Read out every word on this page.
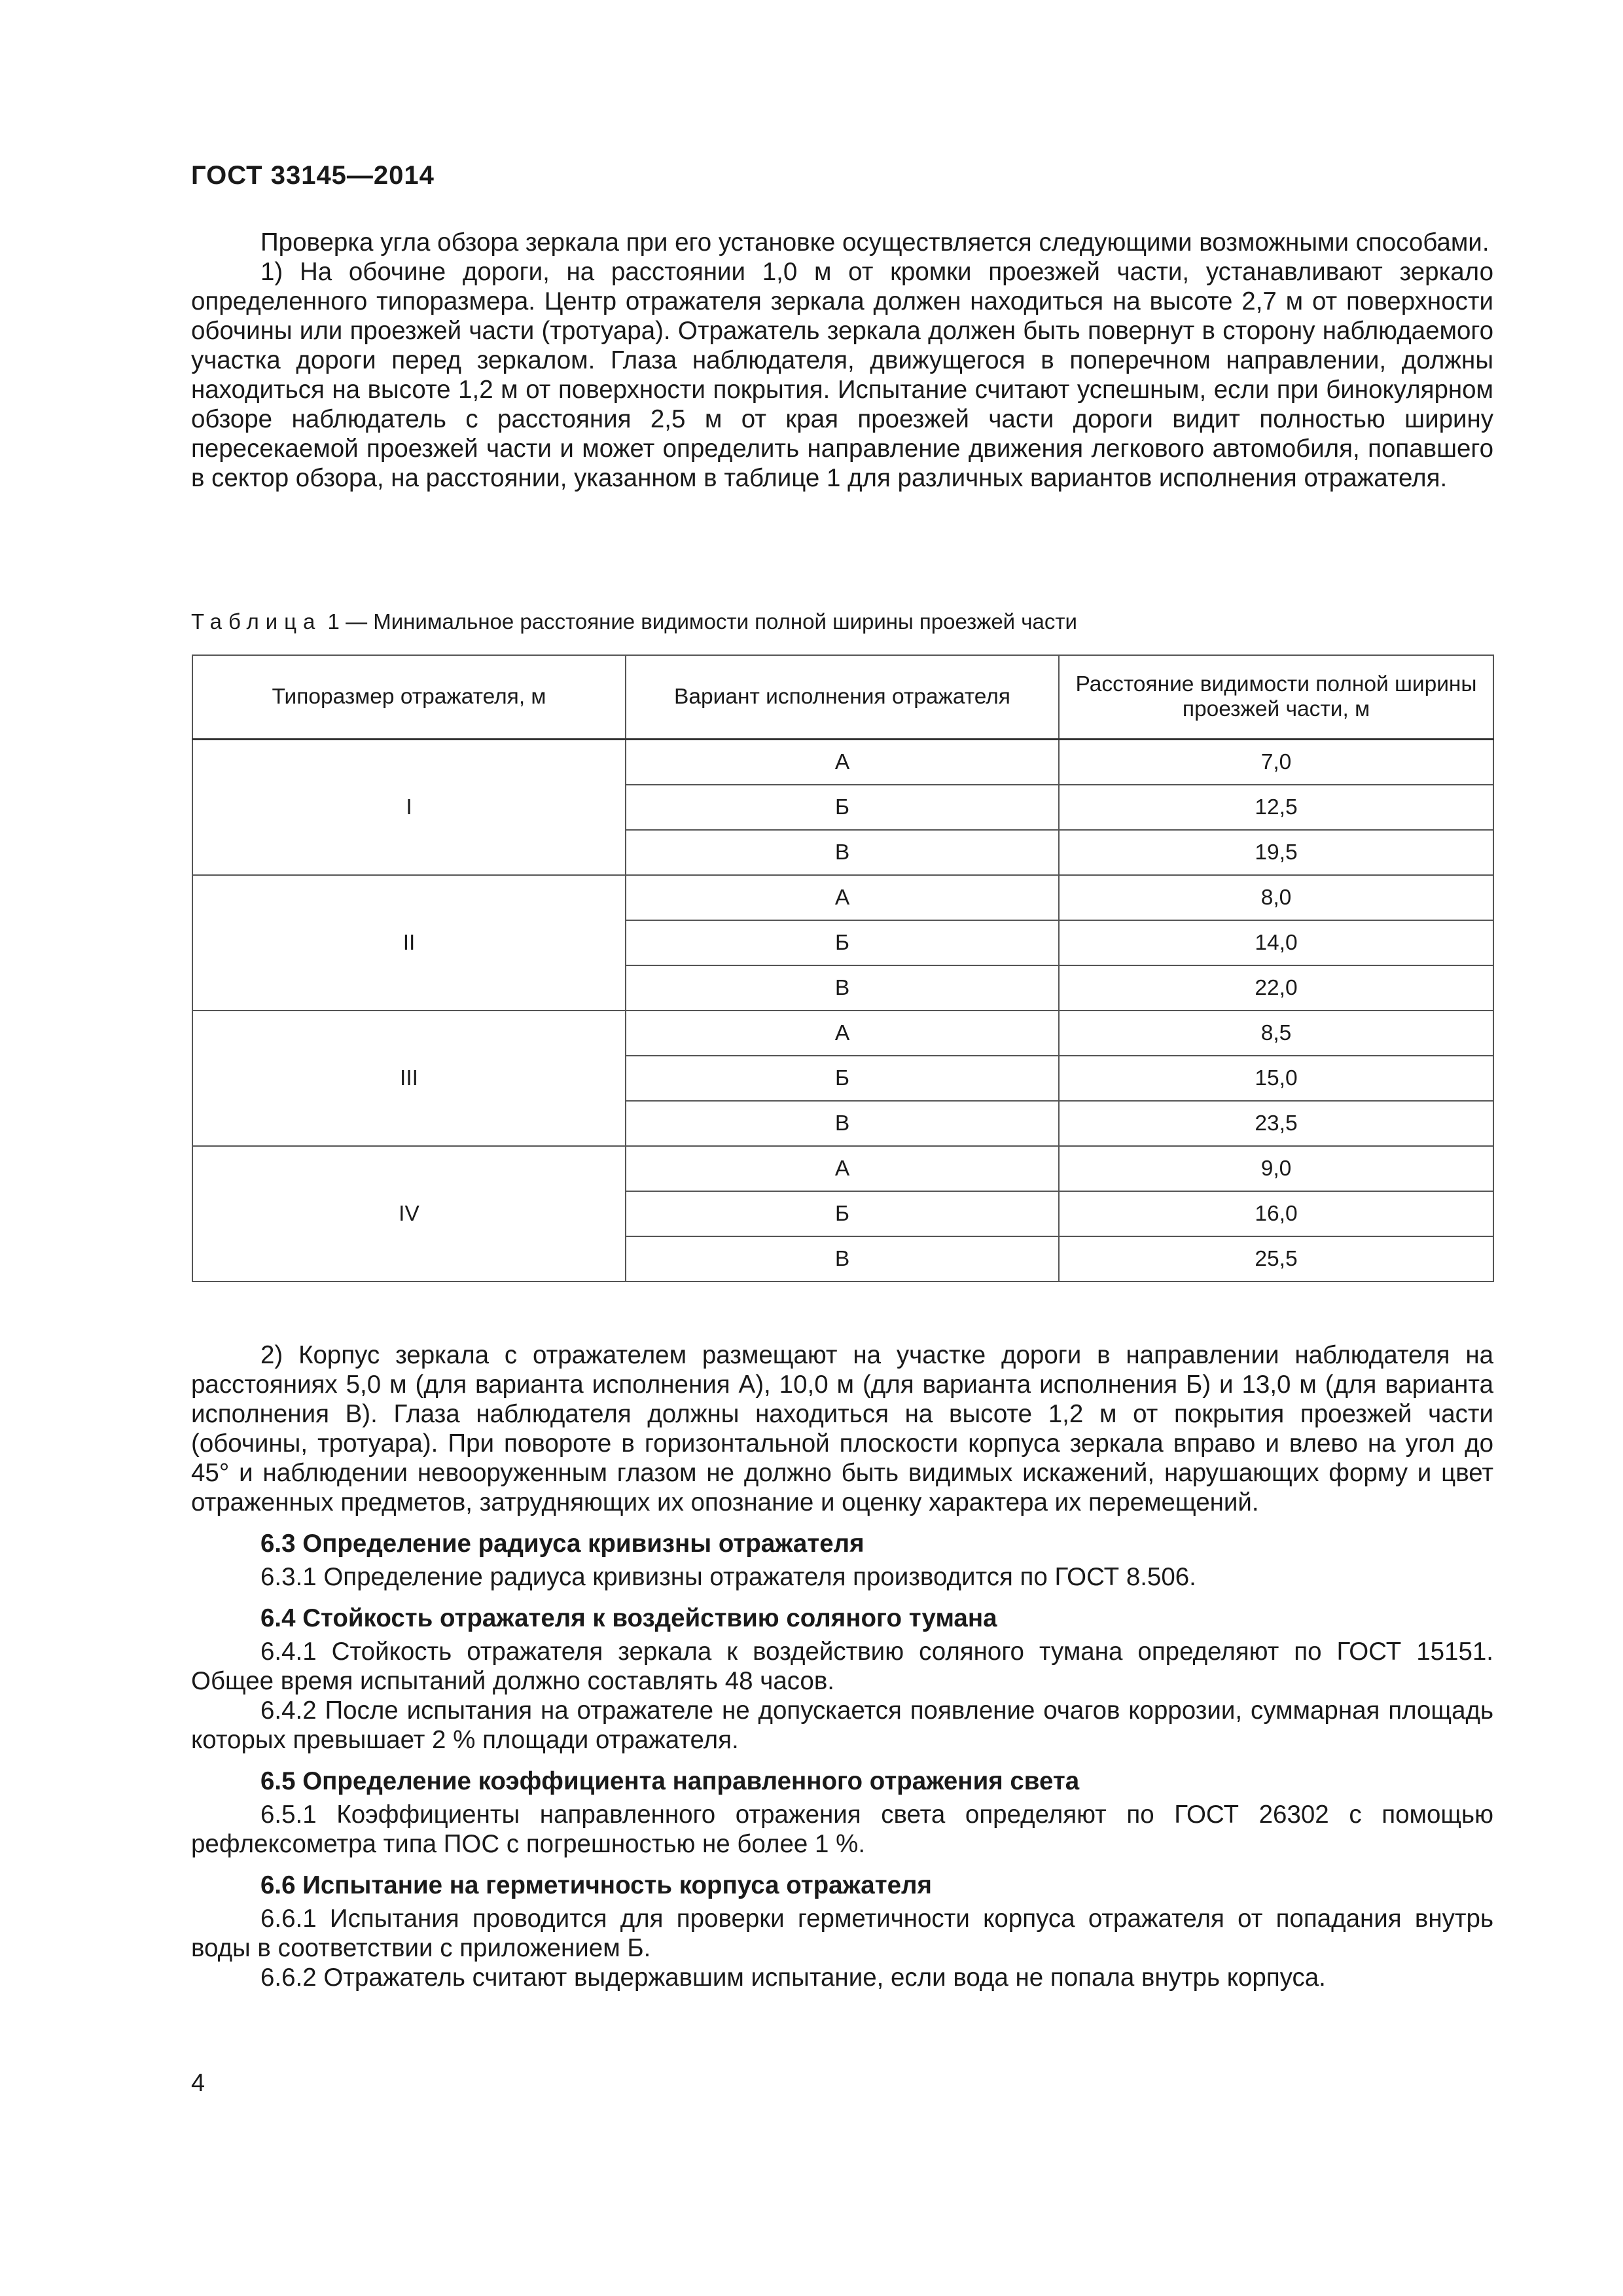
ГОСТ 33145—2014

Проверка угла обзора зеркала при его установке осуществляется следующими возможными способами.

1) На обочине дороги, на расстоянии 1,0 м от кромки проезжей части, устанавливают зеркало определенного типоразмера. Центр отражателя зеркала должен находиться на высоте 2,7 м от поверхности обочины или проезжей части (тротуара). Отражатель зеркала должен быть повернут в сторону наблюдаемого участка дороги перед зеркалом. Глаза наблюдателя, движущегося в поперечном направлении, должны находиться на высоте 1,2 м от поверхности покрытия. Испытание считают успешным, если при бинокулярном обзоре наблюдатель с расстояния 2,5 м от края проезжей части дороги видит полностью ширину пересекаемой проезжей части и может определить направление движения легкового автомобиля, попавшего в сектор обзора, на расстоянии, указанном в таблице 1 для различных вариантов исполнения отражателя.

Таблица 1 — Минимальное расстояние видимости полной ширины проезжей части
Типоразмер отражателя, м	Вариант исполнения отражателя	Расстояние видимости полной ширины проезжей части, м
I	А	7,0
	Б	12,5
	В	19,5
II	А	8,0
	Б	14,0
	В	22,0
III	А	8,5
	Б	15,0
	В	23,5
IV	А	9,0
	Б	16,0
	В	25,5

2) Корпус зеркала с отражателем размещают на участке дороги в направлении наблюдателя на расстояниях 5,0 м (для варианта исполнения А), 10,0 м (для варианта исполнения Б) и 13,0 м (для варианта исполнения В). Глаза наблюдателя должны находиться на высоте 1,2 м от покрытия проезжей части (обочины, тротуара). При повороте в горизонтальной плоскости корпуса зеркала вправо и влево на угол до 45° и наблюдении невооруженным глазом не должно быть видимых искажений, нарушающих форму и цвет отраженных предметов, затрудняющих их опознание и оценку характера их перемещений.

6.3 Определение радиуса кривизны отражателя

6.3.1 Определение радиуса кривизны отражателя производится по ГОСТ 8.506.

6.4 Стойкость отражателя к воздействию соляного тумана

6.4.1 Стойкость отражателя зеркала к воздействию соляного тумана определяют по ГОСТ 15151. Общее время испытаний должно составлять 48 часов.

6.4.2 После испытания на отражателе не допускается появление очагов коррозии, суммарная площадь которых превышает 2 % площади отражателя.

6.5 Определение коэффициента направленного отражения света

6.5.1 Коэффициенты направленного отражения света определяют по ГОСТ 26302 с помощью рефлексометра типа ПОС с погрешностью не более 1 %.

6.6 Испытание на герметичность корпуса отражателя

6.6.1 Испытания проводится для проверки герметичности корпуса отражателя от попадания внутрь воды в соответствии с приложением Б.

6.6.2 Отражатель считают выдержавшим испытание, если вода не попала внутрь корпуса.

4
